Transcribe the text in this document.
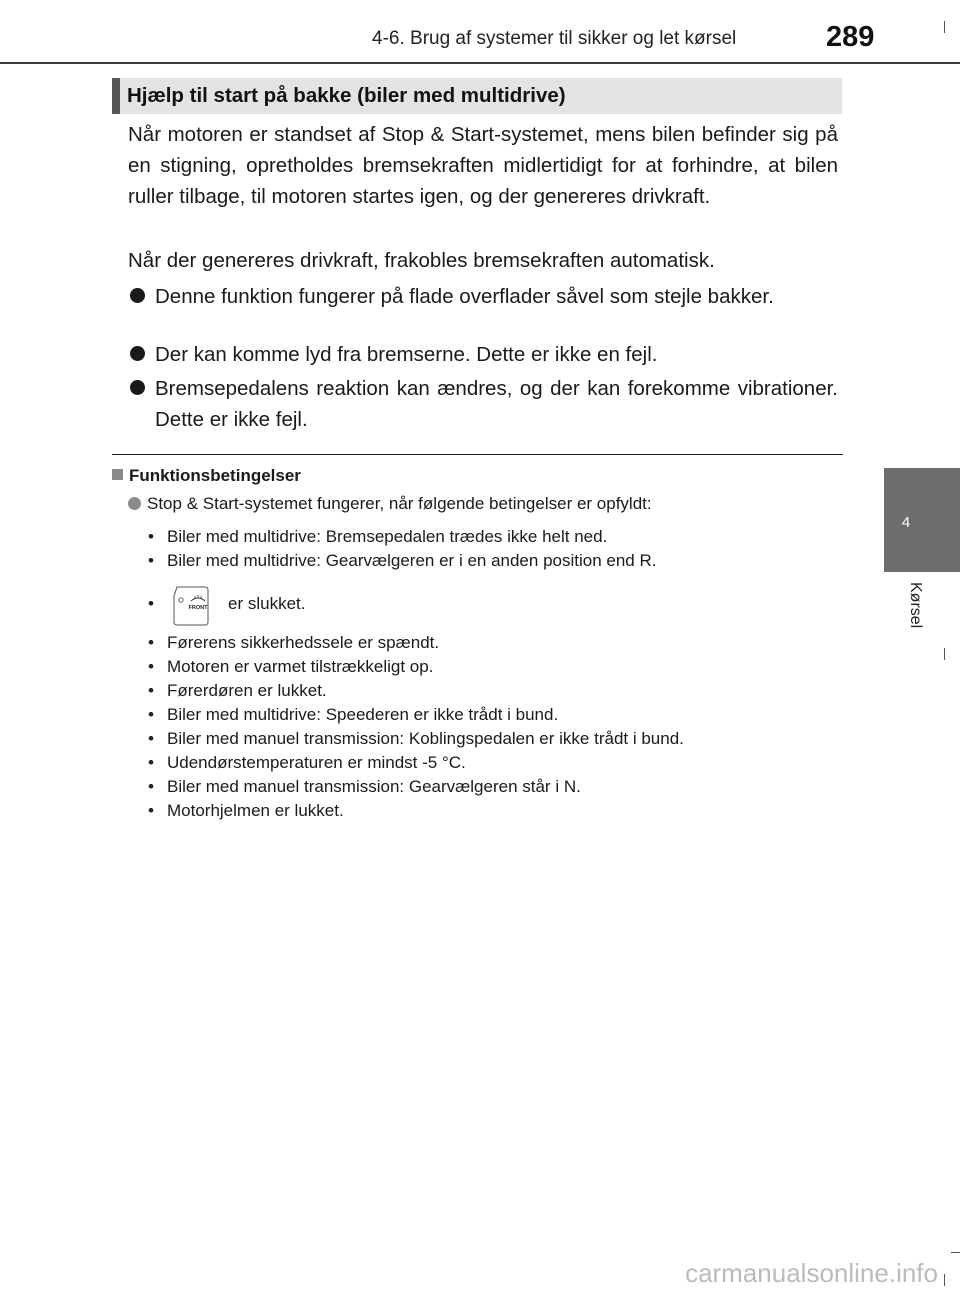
4-6. Brug af systemer til sikker og let kørsel	289
4
Kørsel
Hjælp til start på bakke (biler med multidrive)
Når motoren er standset af Stop & Start-systemet, mens bilen befinder sig på en stigning, opretholdes bremsekraften midlertidigt for at forhindre, at bilen ruller tilbage, til motoren startes igen, og der genereres drivkraft.
Når der genereres drivkraft, frakobles bremsekraften automatisk.
Denne funktion fungerer på flade overflader såvel som stejle bakker.
Der kan komme lyd fra bremserne. Dette er ikke en fejl.
Bremsepedalens reaktion kan ændres, og der kan forekomme vibrationer. Dette er ikke fejl.
Funktionsbetingelser
Stop & Start-systemet fungerer, når følgende betingelser er opfyldt:
• Biler med multidrive: Bremsepedalen trædes ikke helt ned.
• Biler med multidrive: Gearvælgeren er i en anden position end R.
•	FRONT er slukket.
• Førerens sikkerhedssele er spændt.
• Motoren er varmet tilstrækkeligt op.
• Førerdøren er lukket.
• Biler med multidrive: Speederen er ikke trådt i bund.
• Biler med manuel transmission: Koblingspedalen er ikke trådt i bund.
• Udendørstemperaturen er mindst -5 °C.
• Biler med manuel transmission: Gearvælgeren står i N.
• Motorhjelmen er lukket.
carmanualsonline.info
